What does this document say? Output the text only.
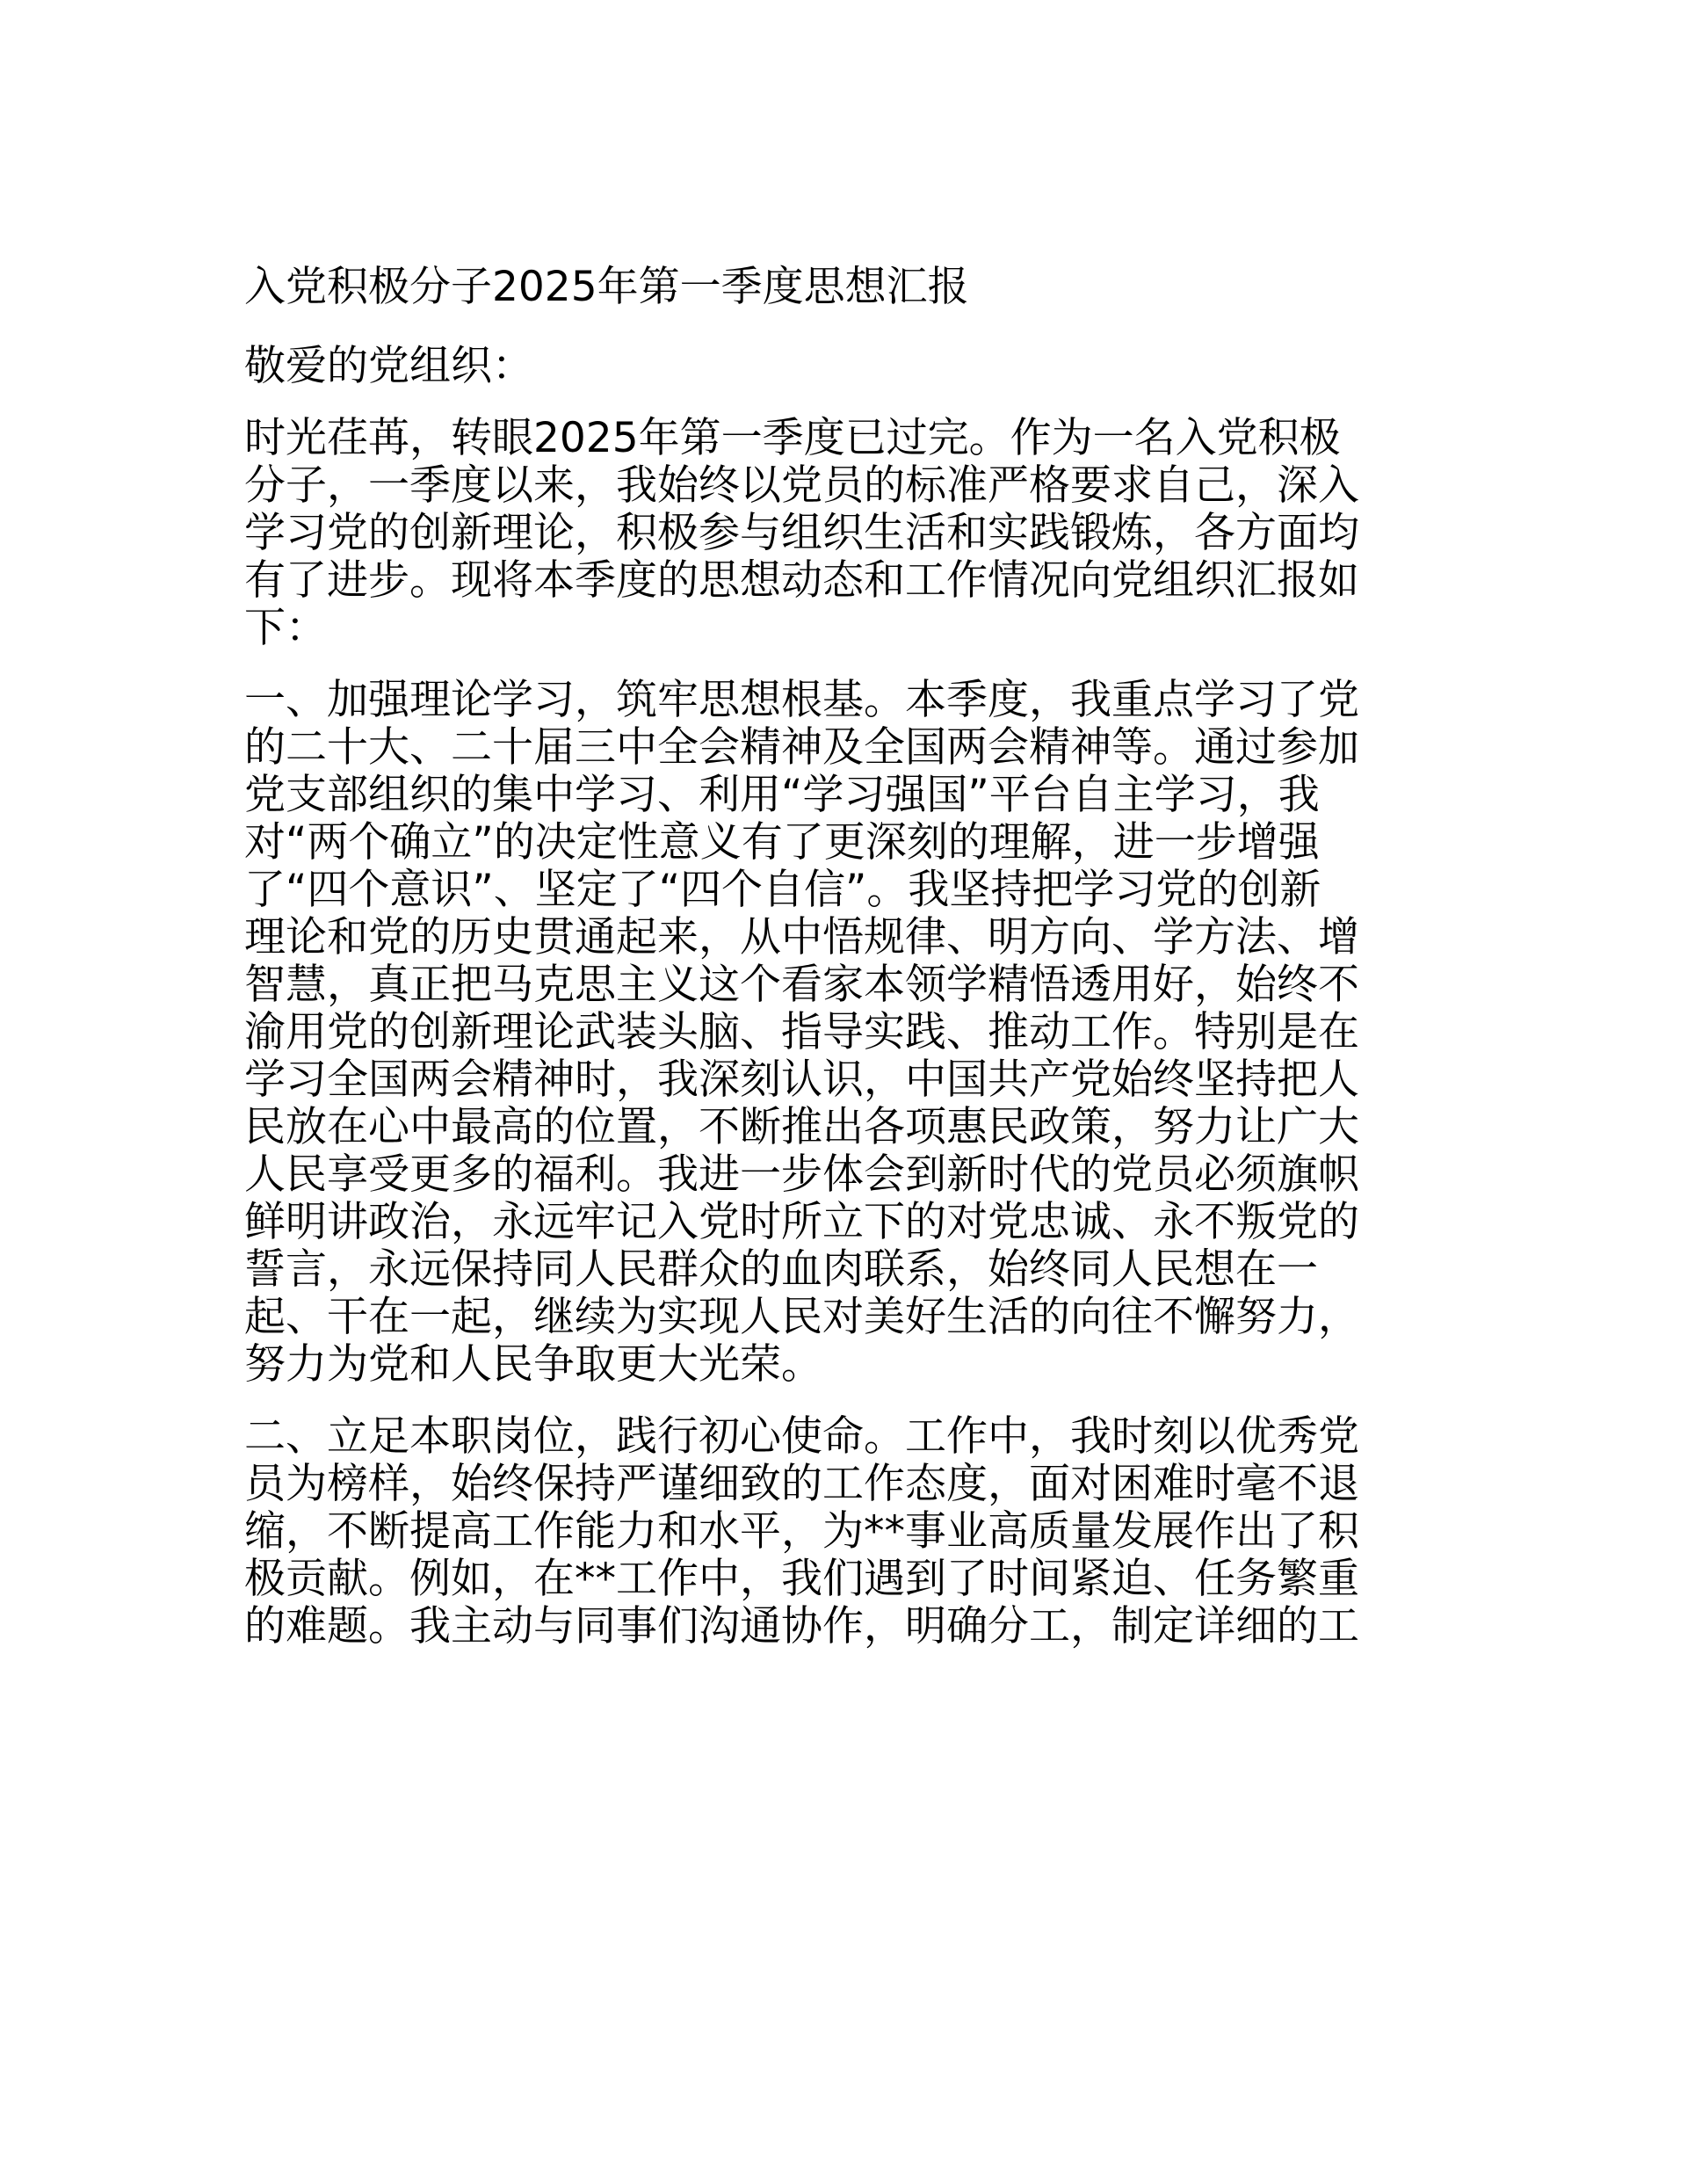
入党积极分子2025年第一季度思想汇报
敬爱的党组织：
时光荏苒，转眼2025年第一季度已过完。作为一名入党积极
分子，一季度以来，我始终以党员的标准严格要求自己，深入
学习党的创新理论，积极参与组织生活和实践锻炼，各方面均
有了进步。现将本季度的思想动态和工作情况向党组织汇报如
下：
一、加强理论学习，筑牢思想根基。本季度，我重点学习了党
的二十大、二十届三中全会精神及全国两会精神等。通过参加
党支部组织的集中学习、利用“学习强国”平台自主学习，我
对“两个确立”的决定性意义有了更深刻的理解，进一步增强
了“四个意识”、坚定了“四个自信”。我坚持把学习党的创新
理论和党的历史贯通起来，从中悟规律、明方向、学方法、增
智慧，真正把马克思主义这个看家本领学精悟透用好，始终不
渝用党的创新理论武装头脑、指导实践、推动工作。特别是在
学习全国两会精神时，我深刻认识，中国共产党始终坚持把人
民放在心中最高的位置，不断推出各项惠民政策，努力让广大
人民享受更多的福利。我进一步体会到新时代的党员必须旗帜
鲜明讲政治，永远牢记入党时所立下的对党忠诚、永不叛党的
誓言，永远保持同人民群众的血肉联系，始终同人民想在一
起、干在一起，继续为实现人民对美好生活的向往不懈努力，
努力为党和人民争取更大光荣。
二、立足本职岗位，践行初心使命。工作中，我时刻以优秀党
员为榜样，始终保持严谨细致的工作态度，面对困难时毫不退
缩，不断提高工作能力和水平，为**事业高质量发展作出了积
极贡献。例如，在**工作中，我们遇到了时间紧迫、任务繁重
的难题。我主动与同事们沟通协作，明确分工，制定详细的工
